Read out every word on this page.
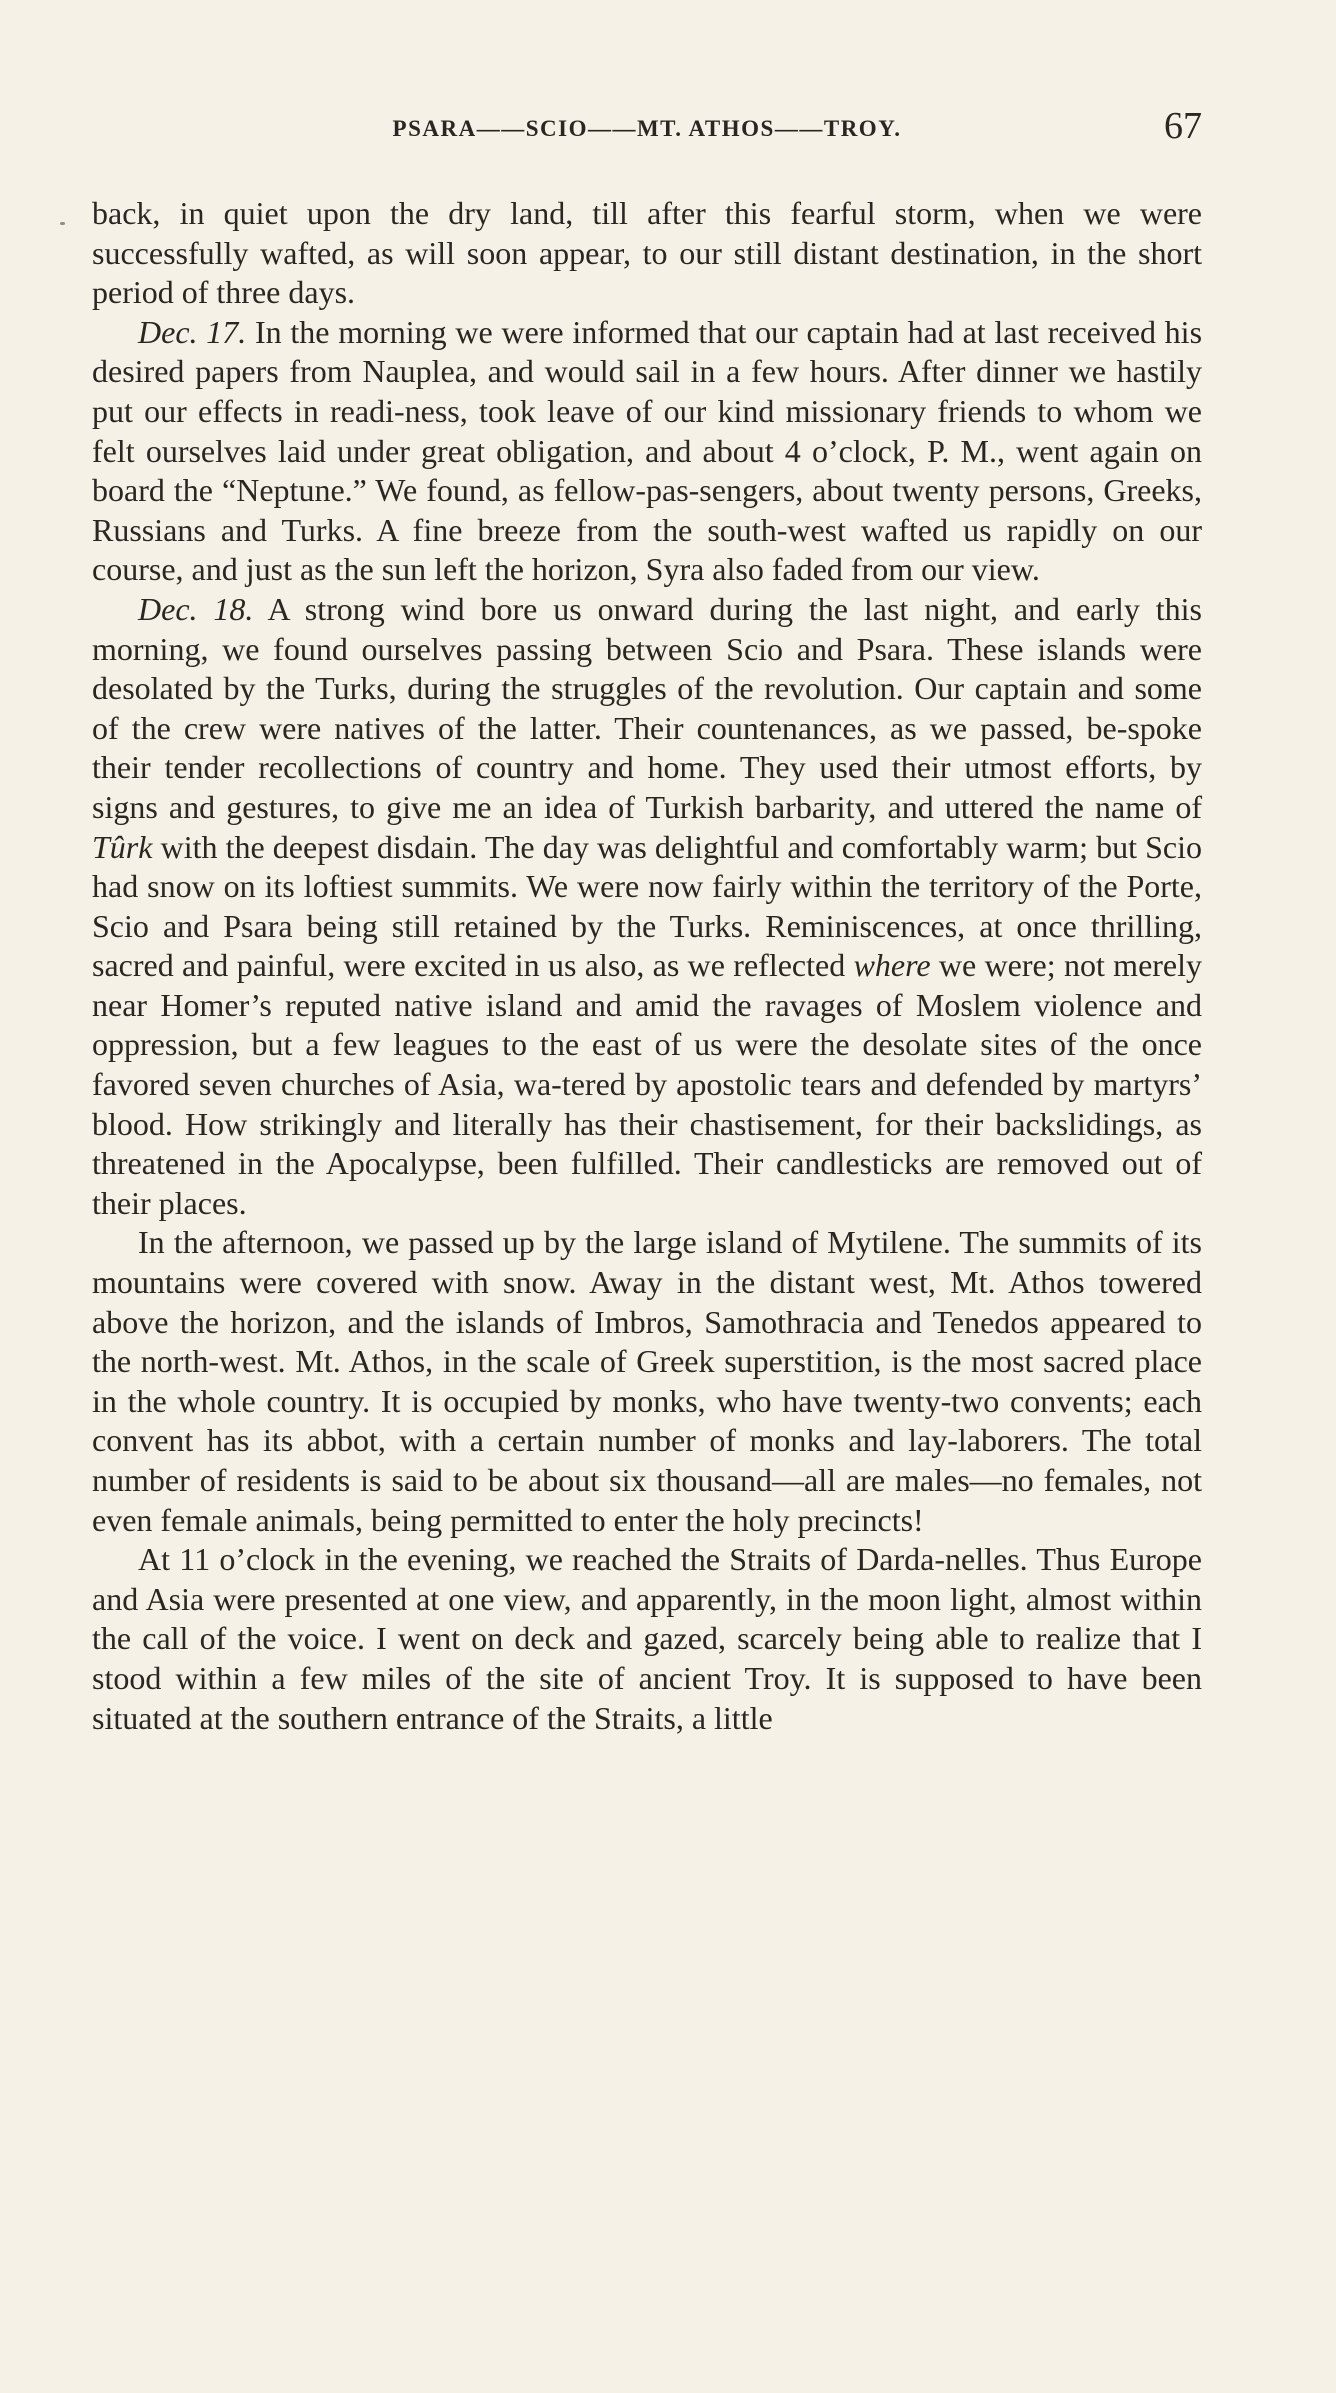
PSARA——SCIO——MT. ATHOS——TROY.	67

back, in quiet upon the dry land, till after this fearful storm, when we were successfully wafted, as will soon appear, to our still distant destination, in the short period of three days.

Dec. 17. In the morning we were informed that our captain had at last received his desired papers from Nauplea, and would sail in a few hours. After dinner we hastily put our effects in readi-ness, took leave of our kind missionary friends to whom we felt ourselves laid under great obligation, and about 4 o’clock, P. M., went again on board the “Neptune.” We found, as fellow-pas-sengers, about twenty persons, Greeks, Russians and Turks. A fine breeze from the south-west wafted us rapidly on our course, and just as the sun left the horizon, Syra also faded from our view.

Dec. 18. A strong wind bore us onward during the last night, and early this morning, we found ourselves passing between Scio and Psara. These islands were desolated by the Turks, during the struggles of the revolution. Our captain and some of the crew were natives of the latter. Their countenances, as we passed, be-spoke their tender recollections of country and home. They used their utmost efforts, by signs and gestures, to give me an idea of Turkish barbarity, and uttered the name of Tûrk with the deepest disdain. The day was delightful and comfortably warm; but Scio had snow on its loftiest summits. We were now fairly within the territory of the Porte, Scio and Psara being still retained by the Turks. Reminiscences, at once thrilling, sacred and painful, were excited in us also, as we reflected where we were; not merely near Homer’s reputed native island and amid the ravages of Moslem violence and oppression, but a few leagues to the east of us were the desolate sites of the once favored seven churches of Asia, wa-tered by apostolic tears and defended by martyrs’ blood. How strikingly and literally has their chastisement, for their backslidings, as threatened in the Apocalypse, been fulfilled. Their candlesticks are removed out of their places.

In the afternoon, we passed up by the large island of Mytilene. The summits of its mountains were covered with snow. Away in the distant west, Mt. Athos towered above the horizon, and the islands of Imbros, Samothracia and Tenedos appeared to the north-west. Mt. Athos, in the scale of Greek superstition, is the most sacred place in the whole country. It is occupied by monks, who have twenty-two convents; each convent has its abbot, with a certain number of monks and lay-laborers. The total number of residents is said to be about six thousand—all are males—no females, not even female animals, being permitted to enter the holy precincts!

At 11 o’clock in the evening, we reached the Straits of Darda-nelles. Thus Europe and Asia were presented at one view, and apparently, in the moon light, almost within the call of the voice. I went on deck and gazed, scarcely being able to realize that I stood within a few miles of the site of ancient Troy. It is supposed to have been situated at the southern entrance of the Straits, a little
